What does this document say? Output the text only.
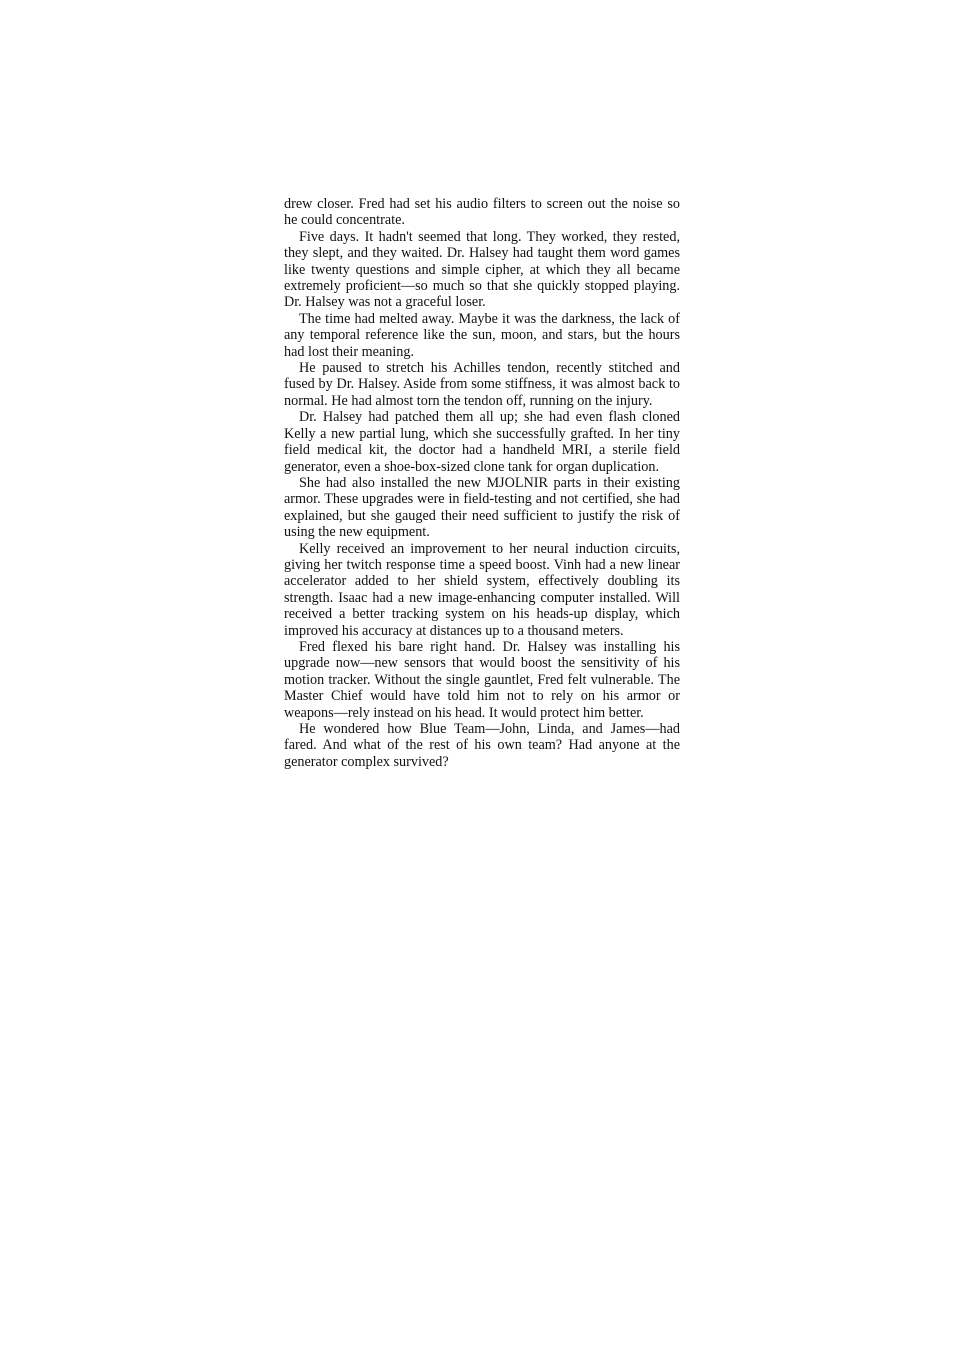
drew closer. Fred had set his audio filters to screen out the noise so he could concentrate.

Five days. It hadn't seemed that long. They worked, they rested, they slept, and they waited. Dr. Halsey had taught them word games like twenty questions and simple cipher, at which they all became extremely proficient—so much so that she quickly stopped playing. Dr. Halsey was not a graceful loser.

The time had melted away. Maybe it was the darkness, the lack of any temporal reference like the sun, moon, and stars, but the hours had lost their meaning.

He paused to stretch his Achilles tendon, recently stitched and fused by Dr. Halsey. Aside from some stiffness, it was almost back to normal. He had almost torn the tendon off, running on the injury.

Dr. Halsey had patched them all up; she had even flash cloned Kelly a new partial lung, which she successfully grafted. In her tiny field medical kit, the doctor had a handheld MRI, a sterile field generator, even a shoe-box-sized clone tank for organ duplication.

She had also installed the new MJOLNIR parts in their existing armor. These upgrades were in field-testing and not certified, she had explained, but she gauged their need sufficient to justify the risk of using the new equipment.

Kelly received an improvement to her neural induction circuits, giving her twitch response time a speed boost. Vinh had a new linear accelerator added to her shield system, effectively doubling its strength. Isaac had a new image-enhancing computer installed. Will received a better tracking system on his heads-up display, which improved his accuracy at distances up to a thousand meters.

Fred flexed his bare right hand. Dr. Halsey was installing his upgrade now—new sensors that would boost the sensitivity of his motion tracker. Without the single gauntlet, Fred felt vulnerable. The Master Chief would have told him not to rely on his armor or weapons—rely instead on his head. It would protect him better.

He wondered how Blue Team—John, Linda, and James—had fared. And what of the rest of his own team? Had anyone at the generator complex survived?
